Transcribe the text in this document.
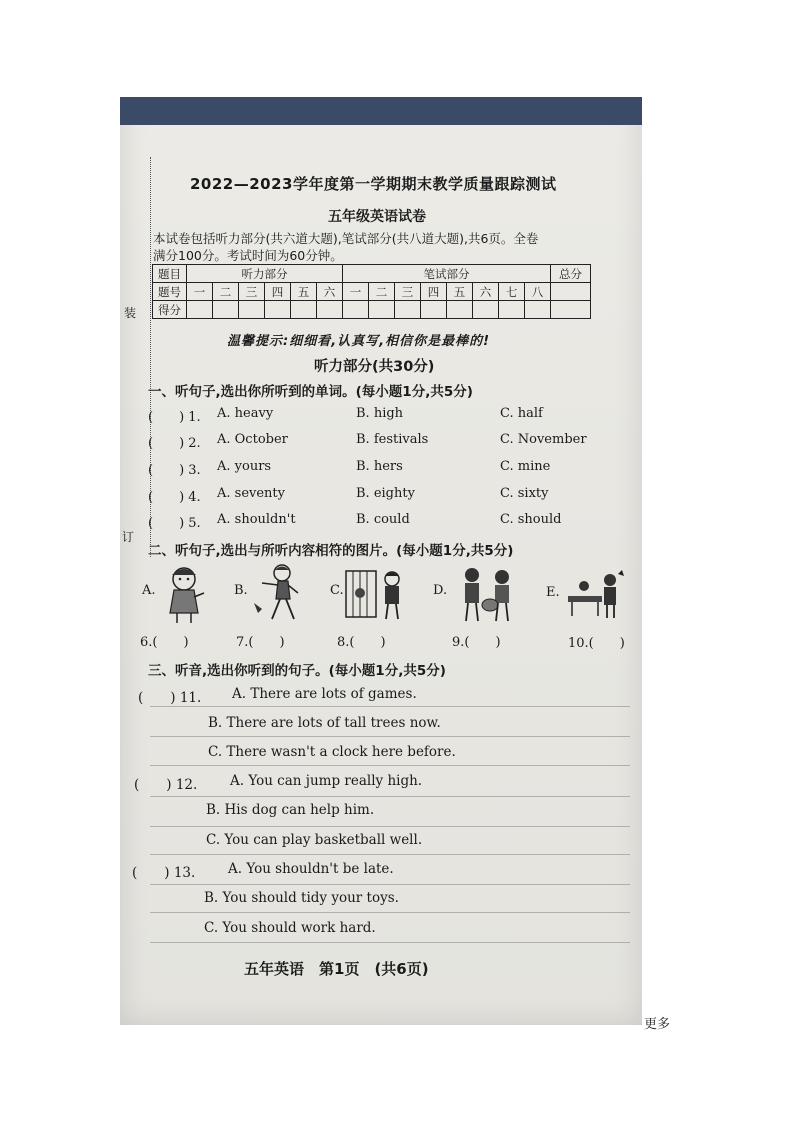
装
订
2022—2023学年度第一学期期末教学质量跟踪测试
五年级英语试卷
本试卷包括听力部分(共六道大题),笔试部分(共八道大题),共6页。全卷
满分100分。考试时间为60分钟。
题目	听力部分						笔试部分								总分
题号	一	二	三	四	五	六	一	二	三	四	五	六	七	八	
得分															
温馨提示:细细看,认真写,相信你是最棒的!
听力部分(共30分)
一、听句子,选出你所听到的单词。(每小题1分,共5分)
(　　) 1. A. heavy	B. high	C. half
(　　) 2. A. October	B. festivals	C. November
(　　) 3. A. yours	B. hers	C. mine
(　　) 4. A. seventy	B. eighty	C. sixty
(　　) 5. A. shouldn't	B. could	C. should
二、听句子,选出与所听内容相符的图片。(每小题1分,共5分)
A.	B.	C.	D.	E.
6.(　　)	7.(　　)	8.(　　)	9.(　　)	10.(　　)
三、听音,选出你听到的句子。(每小题1分,共5分)
(　　) 11. A. There are lots of games.
B. There are lots of tall trees now.
C. There wasn't a clock here before.
(　　) 12. A. You can jump really high.
B. His dog can help him.
C. You can play basketball well.
(　　) 13. A. You shouldn't be late.
B. You should tidy your toys.
C. You should work hard.
五年英语　第1页　(共6页)
更多
